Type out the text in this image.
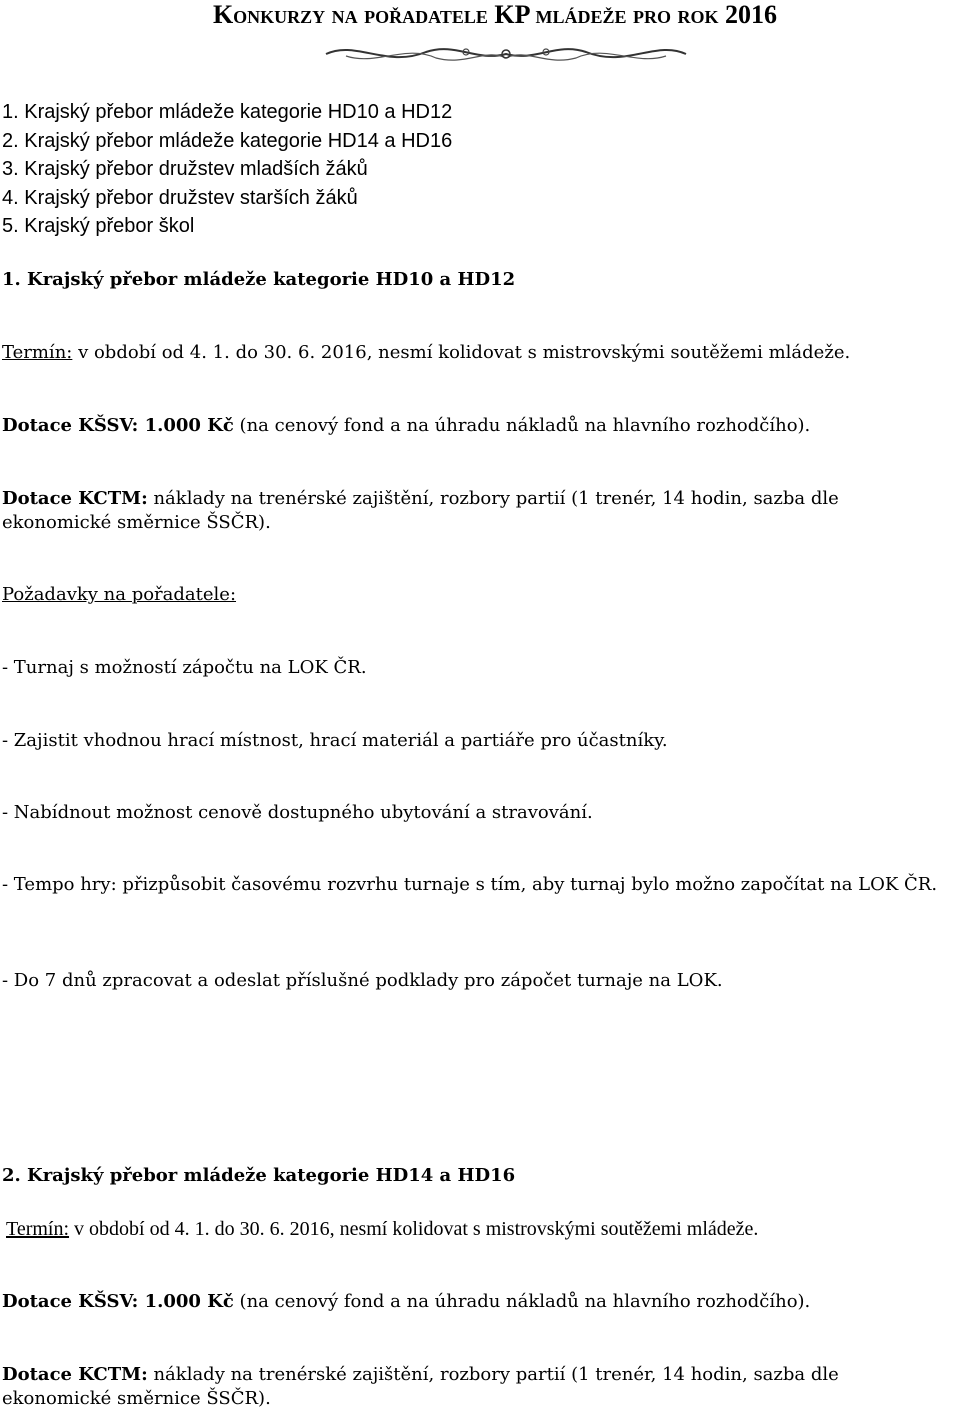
Konkurzy na pořadatele KP mládeže pro rok 2016
1. Krajský přebor mládeže kategorie HD10 a HD12
2. Krajský přebor mládeže kategorie HD14 a HD16
3. Krajský přebor družstev mladších žáků
4. Krajský přebor družstev starších žáků
5. Krajský přebor škol
1. Krajský přebor mládeže kategorie HD10 a HD12
Termín: v období od 4. 1. do 30. 6. 2016, nesmí kolidovat s mistrovskými soutěžemi mládeže.
Dotace KŠSV: 1.000 Kč (na cenový fond a na úhradu nákladů na hlavního rozhodčího).
Dotace KCTM: náklady na trenérské zajištění, rozbory partií (1 trenér, 14 hodin, sazba dle ekonomické směrnice ŠSČR).
Požadavky na pořadatele:
- Turnaj s možností zápočtu na LOK ČR.
- Zajistit vhodnou hrací místnost, hrací materiál a partiáře pro účastníky.
- Nabídnout možnost cenově dostupného ubytování a stravování.
- Tempo hry: přizpůsobit časovému rozvrhu turnaje s tím, aby turnaj bylo možno započítat na LOK ČR.
- Do 7 dnů zpracovat a odeslat příslušné podklady pro zápočet turnaje na LOK.
2. Krajský přebor mládeže kategorie HD14 a HD16
Termín: v období od 4. 1. do 30. 6. 2016, nesmí kolidovat s mistrovskými soutěžemi mládeže.
Dotace KŠSV: 1.000 Kč (na cenový fond a na úhradu nákladů na hlavního rozhodčího).
Dotace KCTM: náklady na trenérské zajištění, rozbory partií (1 trenér, 14 hodin, sazba dle ekonomické směrnice ŠSČR).
